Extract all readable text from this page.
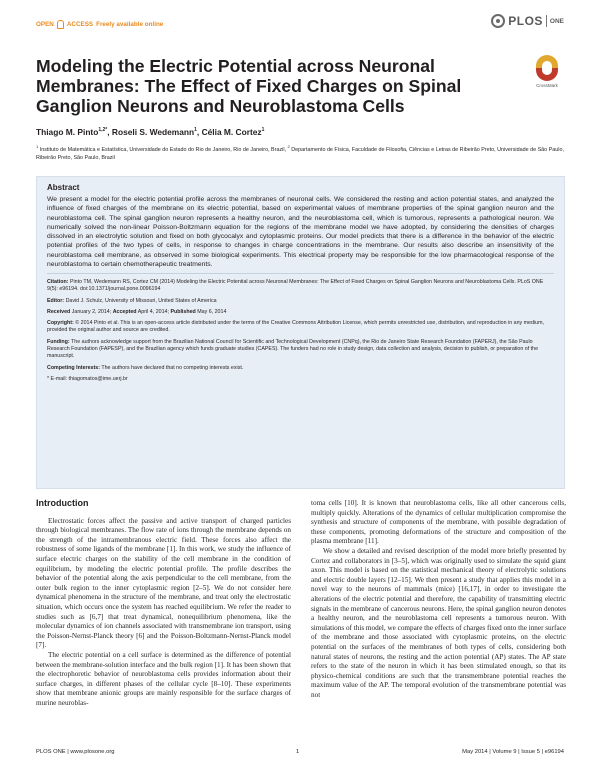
OPEN ACCESS Freely available online	PLOS ONE
Modeling the Electric Potential across Neuronal Membranes: The Effect of Fixed Charges on Spinal Ganglion Neurons and Neuroblastoma Cells
CrossMark
Thiago M. Pinto$^{1,2*}$, Roseli S. Wedemann$^1$, Célia M. Cortez$^1$
$^1$ Instituto de Matemática e Estatística, Universidade do Estado do Rio de Janeiro, Rio de Janeiro, Brazil, $^2$ Departamento de Física, Faculdade de Filosofia, Ciências e Letras de Ribeirão Preto, Universidade de São Paulo, Ribeirão Preto, São Paulo, Brazil
Abstract
We present a model for the electric potential profile across the membranes of neuronal cells. We considered the resting and action potential states, and analyzed the influence of fixed charges of the membrane on its electric potential, based on experimental values of membrane properties of the spinal ganglion neuron and the neuroblastoma cell. The spinal ganglion neuron represents a healthy neuron, and the neuroblastoma cell, which is tumorous, represents a pathological neuron. We numerically solved the non-linear Poisson-Boltzmann equation for the regions of the membrane model we have adopted, by considering the densities of charges dissolved in an electrolytic solution and fixed on both glycocalyx and cytoplasmic proteins. Our model predicts that there is a difference in the behavior of the electric potential profiles of the two types of cells, in response to changes in charge concentrations in the membrane. Our results also describe an insensitivity of the neuroblastoma cell membrane, as observed in some biological experiments. This electrical property may be responsible for the low pharmacological response of the neuroblastoma to certain chemotherapeutic treatments.
Citation: Pinto TM, Wedemann RS, Cortez CM (2014) Modeling the Electric Potential across Neuronal Membranes: The Effect of Fixed Charges on Spinal Ganglion Neurons and Neuroblastoma Cells. PLoS ONE 9(5): e96194. doi:10.1371/journal.pone.0096194
Editor: David J. Schulz, University of Missouri, United States of America
Received January 2, 2014; Accepted April 4, 2014; Published May 6, 2014
Copyright: © 2014 Pinto et al. This is an open-access article distributed under the terms of the Creative Commons Attribution License, which permits unrestricted use, distribution, and reproduction in any medium, provided the original author and source are credited.
Funding: The authors acknowledge support from the Brazilian National Council for Scientific and Technological Development (CNPq), the Rio de Janeiro State Research Foundation (FAPERJ), the São Paulo Research Foundation (FAPESP), and the Brazilian agency which funds graduate studies (CAPES). The funders had no role in study design, data collection and analysis, decision to publish, or preparation of the manuscript.
Competing Interests: The authors have declared that no competing interests exist.
* E-mail: thiagomatos@ime.uerj.br
Introduction

Electrostatic forces affect the passive and active transport of charged particles through biological membranes. The flow rate of ions through the membrane depends on the strength of the intramembranous electric field. These forces also affect the robustness of some ligands of the membrane [1]. In this work, we study the influence of surface electric charges on the stability of the cell membrane in the condition of equilibrium, by modeling the electric potential profile. The profile describes the behavior of the potential along the axis perpendicular to the cell membrane, from the outer bulk region to the inner cytoplasmic region [2–5]. We do not consider here dynamical phenomena in the structure of the membrane, and treat only the electrostatic situation, which occurs once the system has reached equilibrium. We refer the reader to studies such as [6,7] that treat dynamical, nonequilibrium phenomena, like the molecular dynamics of ion channels associated with transmembrane ion transport, using the Poisson-Nernst-Planck theory [6] and the Poisson-Boltzmann-Nernst-Planck model [7].

The electric potential on a cell surface is determined as the difference of potential between the membrane-solution interface and the bulk region [1]. It has been shown that the electrophoretic behavior of neuroblastoma cells provides information about their surface charges, in different phases of the cellular cycle [8–10]. These experiments show that membrane anionic groups are mainly responsible for the surface charges of murine neuroblas-

toma cells [10]. It is known that neuroblastoma cells, like all other cancerous cells, multiply quickly. Alterations of the dynamics of cellular multiplication compromise the synthesis and structure of components of the membrane, with possible degradation of these components, promoting deformations of the structure and composition of the plasma membrane [11].

We show a detailed and revised description of the model more briefly presented by Cortez and collaborators in [3–5], which was originally used to simulate the squid giant axon. This model is based on the statistical mechanical theory of electrolytic solutions and electric double layers [12–15]. We then present a study that applies this model in a novel way to the neurons of mammals (mice) [16,17], in order to investigate the alterations of the electric potential and therefore, the capability of transmitting electric signals in the membrane of cancerous neurons. Here, the spinal ganglion neuron denotes a healthy neuron, and the neuroblastoma cell represents a tumorous neuron. With simulations of this model, we compare the effects of charges fixed onto the inner surface of the membrane and those associated with cytoplasmic proteins, on the electric potential on the surfaces of the membranes of both types of cells, considering both natural states of neurons, the resting and the action potential (AP) states. The AP state refers to the state of the neuron in which it has been stimulated enough, so that its physico-chemical conditions are such that the transmembrane potential reaches the maximum value of the AP. The temporal evolution of the transmembrane potential was not

PLOS ONE | www.plosone.org	1	May 2014 | Volume 9 | Issue 5 | e96194
